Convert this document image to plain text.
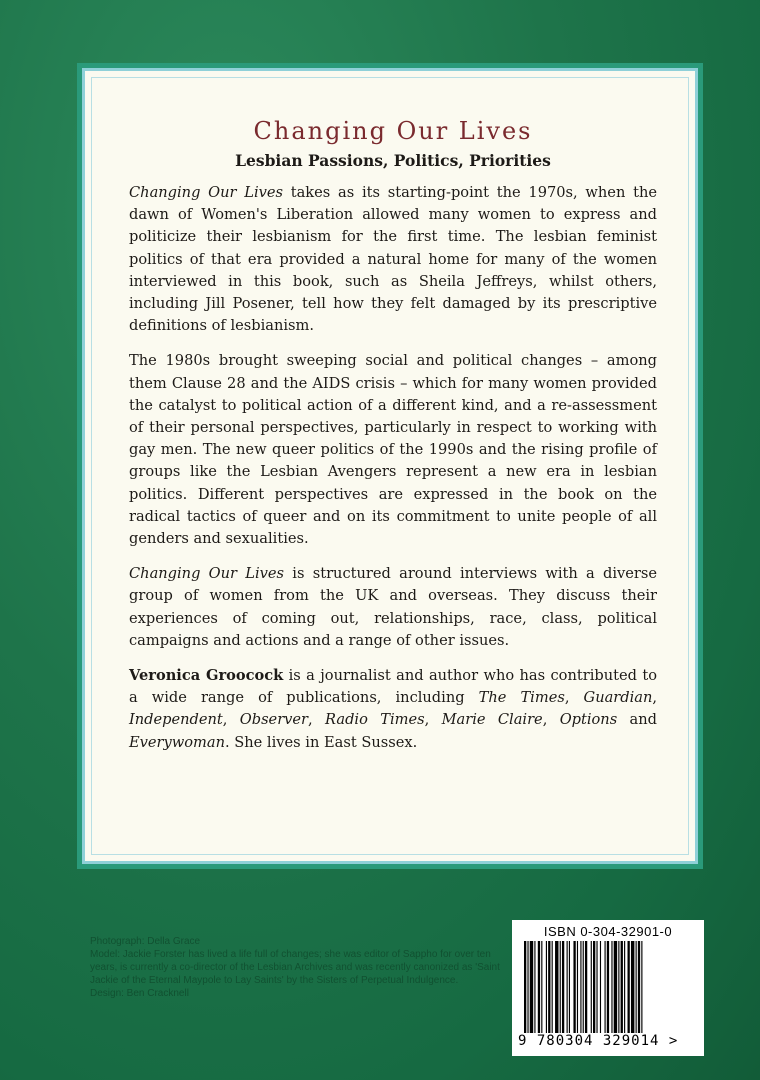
Changing Our Lives
Lesbian Passions, Politics, Priorities

Changing Our Lives takes as its starting-point the 1970s, when the dawn of Women's Liberation allowed many women to express and politicize their lesbianism for the first time. The lesbian feminist politics of that era provided a natural home for many of the women interviewed in this book, such as Sheila Jeffreys, whilst others, including Jill Posener, tell how they felt damaged by its prescriptive definitions of lesbianism.

The 1980s brought sweeping social and political changes – among them Clause 28 and the AIDS crisis – which for many women provided the catalyst to political action of a different kind, and a re-assessment of their personal perspectives, particularly in respect to working with gay men. The new queer politics of the 1990s and the rising profile of groups like the Lesbian Avengers represent a new era in lesbian politics. Different perspectives are expressed in the book on the radical tactics of queer and on its commitment to unite people of all genders and sexualities.

Changing Our Lives is structured around interviews with a diverse group of women from the UK and overseas. They discuss their experiences of coming out, relationships, race, class, political campaigns and actions and a range of other issues.

Veronica Groocock is a journalist and author who has contributed to a wide range of publications, including The Times, Guardian, Independent, Observer, Radio Times, Marie Claire, Options and Everywoman. She lives in East Sussex.

Photograph: Della Grace

Model: Jackie Forster has lived a life full of changes; she was editor of Sappho for over ten years, is currently a co-director of the Lesbian Archives and was recently canonized as 'Saint Jackie of the Eternal Maypole to Lay Saints' by the Sisters of Perpetual Indulgence.

Design: Ben Cracknell

ISBN 0-304-32901-0

9 780304 329014 >
